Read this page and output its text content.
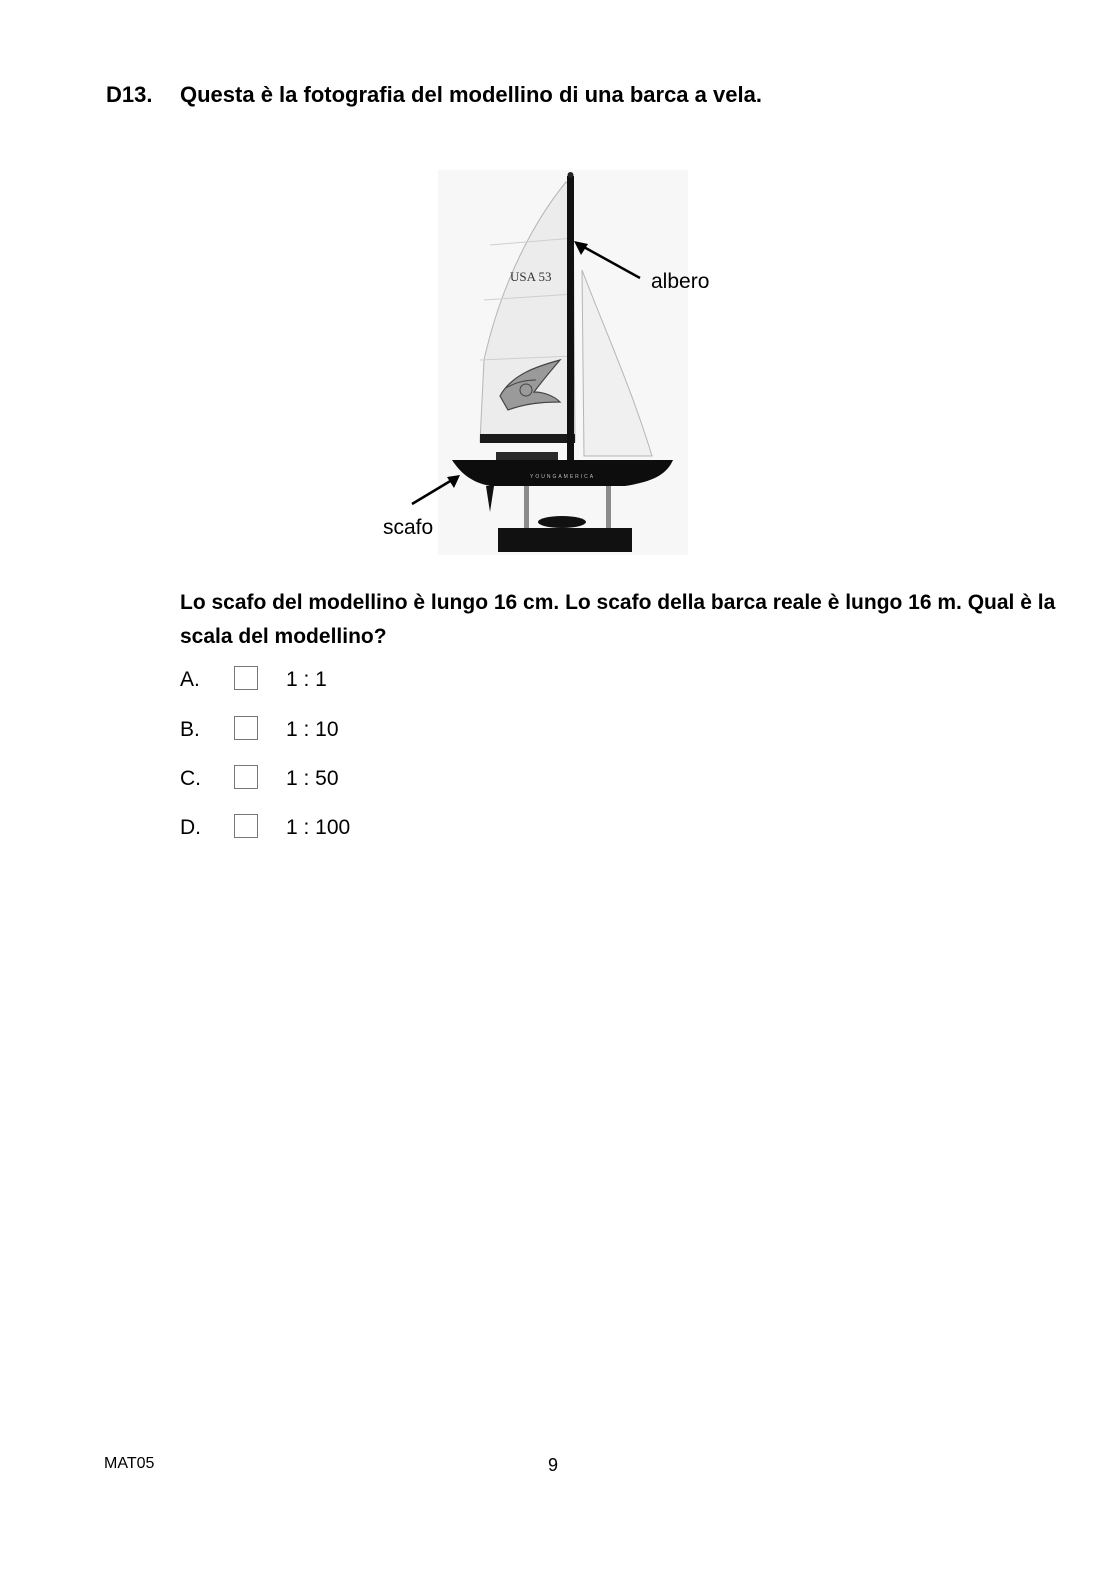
D13. Questa è la fotografia del modellino di una barca a vela.
USA 53
YOUNGAMERICA
albero
scafo
Lo scafo del modellino è lungo 16 cm. Lo scafo della barca reale è lungo 16 m. Qual è la scala del modellino?
A.	1 : 1
B.	1 : 10
C.	1 : 50
D.	1 : 100
MAT05	9
